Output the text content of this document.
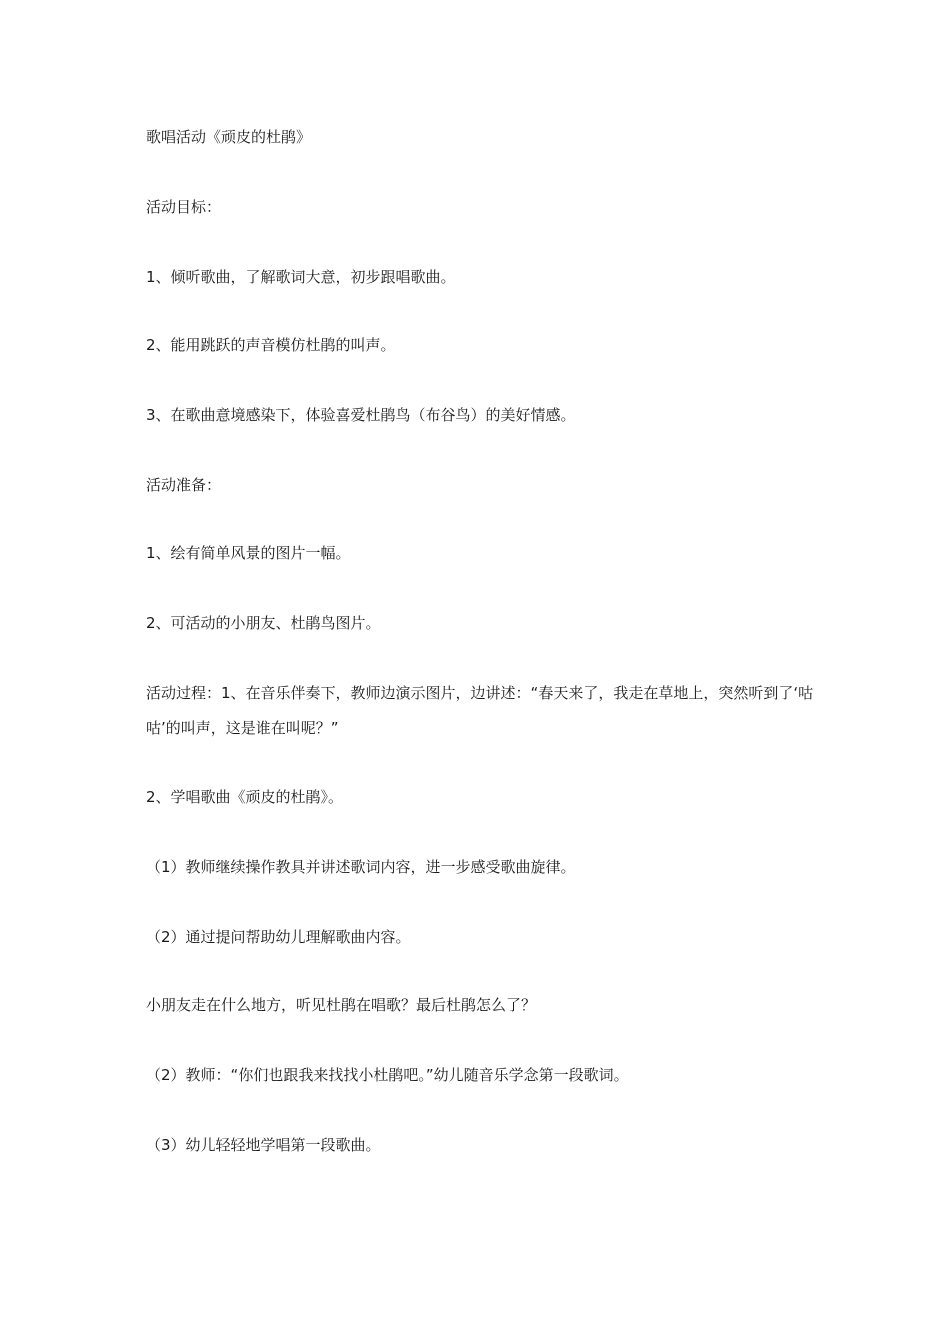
歌唱活动《顽皮的杜鹃》

活动目标：

1、倾听歌曲，了解歌词大意，初步跟唱歌曲。

2、能用跳跃的声音模仿杜鹃的叫声。

3、在歌曲意境感染下，体验喜爱杜鹃鸟（布谷鸟）的美好情感。

活动准备：

1、绘有简单风景的图片一幅。

2、可活动的小朋友、杜鹃鸟图片。

活动过程：1、在音乐伴奏下，教师边演示图片，边讲述：“春天来了，我走在草地上，突然听到了‘咕咕’的叫声，这是谁在叫呢？”

2、学唱歌曲《顽皮的杜鹃》。

（1）教师继续操作教具并讲述歌词内容，进一步感受歌曲旋律。

（2）通过提问帮助幼儿理解歌曲内容。

小朋友走在什么地方，听见杜鹃在唱歌？最后杜鹃怎么了？

（2）教师：“你们也跟我来找找小杜鹃吧。”幼儿随音乐学念第一段歌词。

（3）幼儿轻轻地学唱第一段歌曲。
